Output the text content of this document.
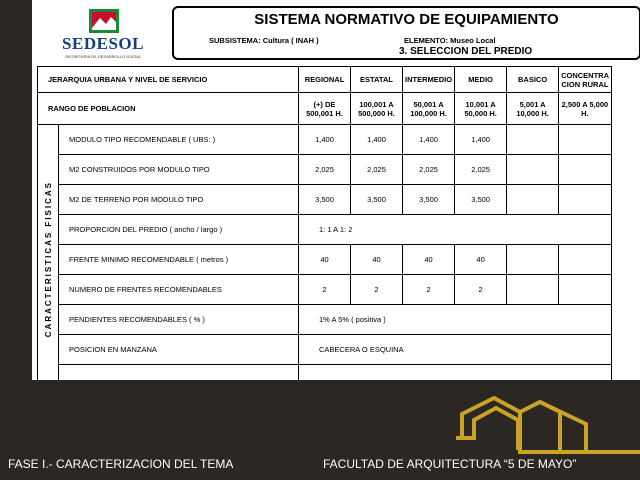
SEDESOL
SECRETARIA DE DESARROLLO SOCIAL
SISTEMA NORMATIVO DE EQUIPAMIENTO
SUBSISTEMA: Cultura ( INAH )	ELEMENTO: Museo Local
3. SELECCION DEL PREDIO
JERARQUIA URBANA Y NIVEL DE SERVICIO		REGIONAL	ESTATAL	INTERMEDIO	MEDIO	BASICO	CONCENTRA CION RURAL
RANGO DE POBLACION		(+) DE 500,001 H.	100,001 A 500,000 H.	50,001 A 100,000 H.	10,001 A 50,000 H.	5,001 A 10,000 H.	2,500 A 5,000 H.

CARACTERISTICAS FISICAS	MODULO TIPO RECOMENDABLE ( UBS: )	1,400	1,400	1,400	1,400		
	M2 CONSTRUIDOS POR MODULO TIPO	2,025	2,025	2,025	2,025		
	M2 DE TERRENO POR MODULO TIPO	3,500	3,500	3,500	3,500		
	PROPORCION DEL PREDIO ( ancho / largo )	1: 1 A 1: 2					
	FRENTE MINIMO RECOMENDABLE ( metros )	40	40	40	40		
	NUMERO DE FRENTES RECOMENDABLES	2	2	2	2		
	PENDIENTES RECOMENDABLES ( % )	1% A 5% ( positiva )					
	POSICION EN MANZANA	CABECERA O ESQUINA					

FASE I.- CARACTERIZACION DEL TEMA	FACULTAD DE ARQUITECTURA “5 DE MAYO”
